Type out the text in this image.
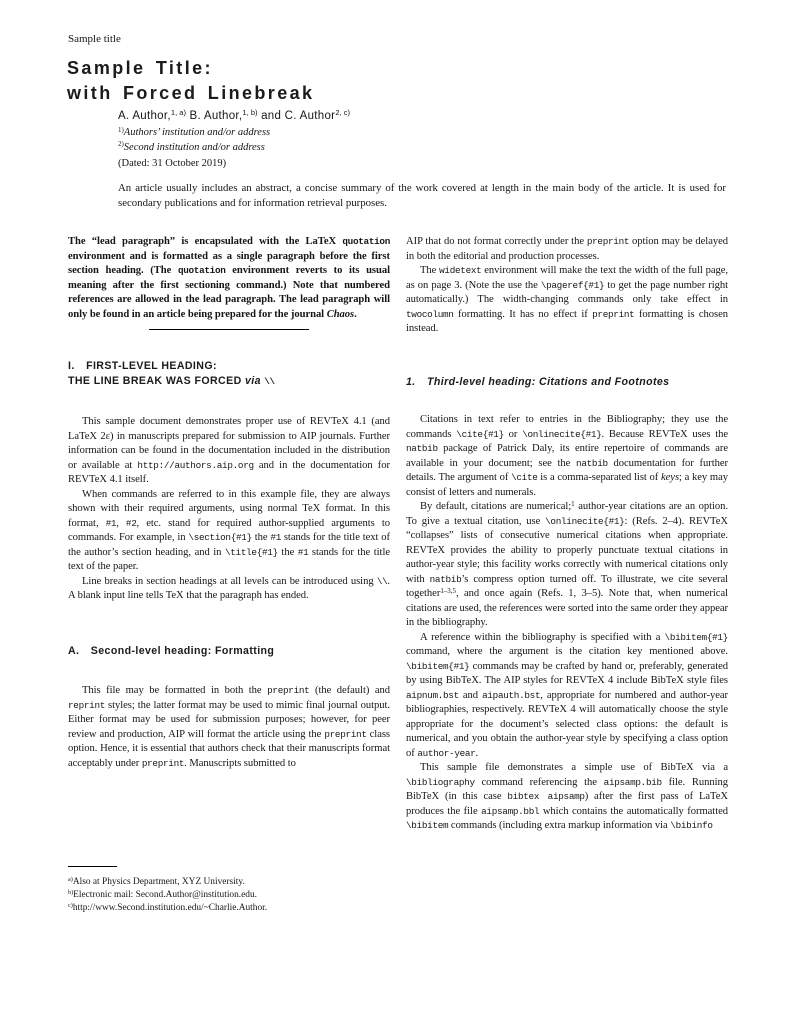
Sample title
Sample Title:
with Forced Linebreak
A. Author,$^{1, a)}$ B. Author,$^{1, b)}$ and C. Author$^{2, c)}$
$^{1)}$Authors’ institution and/or address
$^{2)}$Second institution and/or address
(Dated: 31 October 2019)
An article usually includes an abstract, a concise summary of the work covered at length in the main body of the article. It is used for secondary publications and for information retrieval purposes.

The “lead paragraph” is encapsulated with the LaTeX quotation environment and is formatted as a single paragraph before the first section heading. (The quotation environment reverts to its usual meaning after the first sectioning command.) Note that numbered references are allowed in the lead paragraph. The lead paragraph will only be found in an article being prepared for the journal Chaos.

I.  FIRST-LEVEL HEADING:
THE LINE BREAK WAS FORCED via \\

This sample document demonstrates proper use of REVTeX 4.1 (and LaTeX 2ε) in manuscripts prepared for submission to AIP journals. Further information can be found in the documentation included in the distribution or available at http://authors.aip.org and in the documentation for REVTeX 4.1 itself.

When commands are referred to in this example file, they are always shown with their required arguments, using normal TeX format. In this format, #1, #2, etc. stand for required author-supplied arguments to commands. For example, in \section{#1} the #1 stands for the title text of the author’s section heading, and in \title{#1} the #1 stands for the title text of the paper.

Line breaks in section headings at all levels can be introduced using \\. A blank input line tells TeX that the paragraph has ended.

A.  Second-level heading: Formatting

This file may be formatted in both the preprint (the default) and reprint styles; the latter format may be used to mimic final journal output. Either format may be used for submission purposes; however, for peer review and production, AIP will format the article using the preprint class option. Hence, it is essential that authors check that their manuscripts format acceptably under preprint. Manuscripts submitted to

$^{a)}$Also at Physics Department, XYZ University.
$^{b)}$Electronic mail: Second.Author@institution.edu.
$^{c)}$http://www.Second.institution.edu/~Charlie.Author.

AIP that do not format correctly under the preprint option may be delayed in both the editorial and production processes.

The widetext environment will make the text the width of the full page, as on page 3. (Note the use the \pageref{#1} to get the page number right automatically.) The width-changing commands only take effect in twocolumn formatting. It has no effect if preprint formatting is chosen instead.

1.  Third-level heading: Citations and Footnotes

Citations in text refer to entries in the Bibliography; they use the commands \cite{#1} or \onlinecite{#1}. Because REVTeX uses the natbib package of Patrick Daly, its entire repertoire of commands are available in your document; see the natbib documentation for further details. The argument of \cite is a comma-separated list of keys; a key may consist of letters and numerals.

By default, citations are numerical;$^1$ author-year citations are an option. To give a textual citation, use \onlinecite{#1}: (Refs. 2–4). REVTeX “collapses” lists of consecutive numerical citations when appropriate. REVTeX provides the ability to properly punctuate textual citations in author-year style; this facility works correctly with numerical citations only with natbib’s compress option turned off. To illustrate, we cite several together$^{1-3,5}$, and once again (Refs. 1, 3–5). Note that, when numerical citations are used, the references were sorted into the same order they appear in the bibliography.

A reference within the bibliography is specified with a \bibitem{#1} command, where the argument is the citation key mentioned above. \bibitem{#1} commands may be crafted by hand or, preferably, generated by using BibTeX. The AIP styles for REVTeX 4 include BibTeX style files aipnum.bst and aipauth.bst, appropriate for numbered and author-year bibliographies, respectively. REVTeX 4 will automatically choose the style appropriate for the document’s selected class options: the default is numerical, and you obtain the author-year style by specifying a class option of author-year.

This sample file demonstrates a simple use of BibTeX via a \bibliography command referencing the aipsamp.bib file. Running BibTeX (in this case bibtex aipsamp) after the first pass of LaTeX produces the file aipsamp.bbl which contains the automatically formatted \bibitem commands (including extra markup information via \bibinfo
